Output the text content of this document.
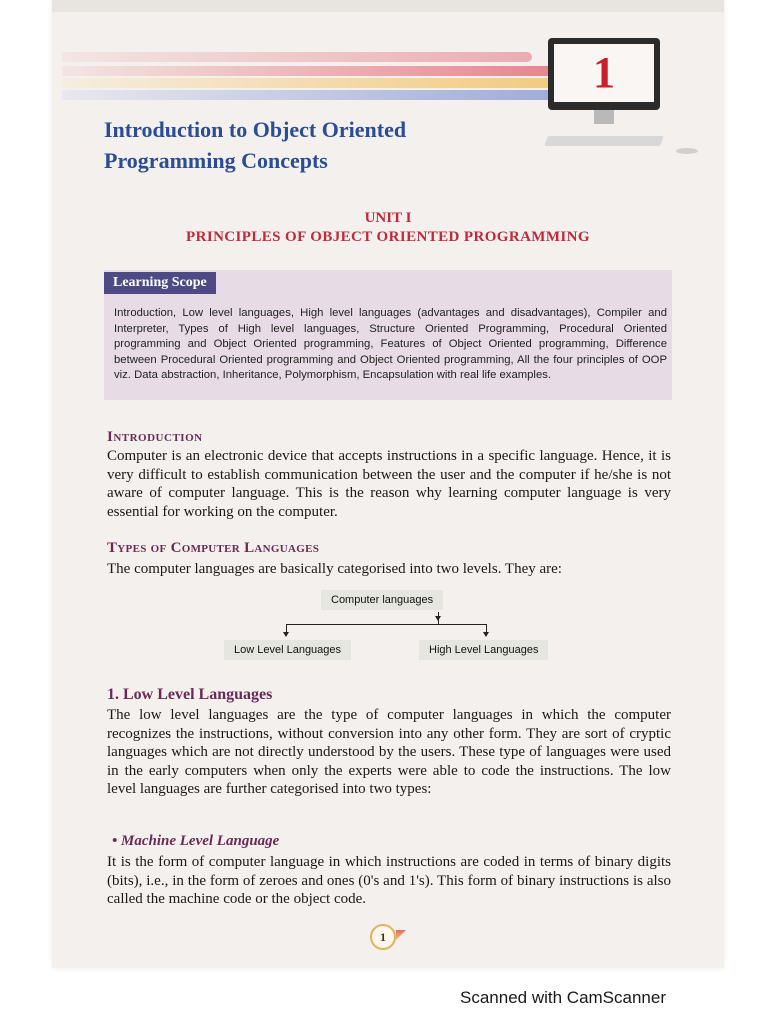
1
Introduction to Object Oriented Programming Concepts
UNIT I
PRINCIPLES OF OBJECT ORIENTED PROGRAMMING
Learning Scope
Introduction, Low level languages, High level languages (advantages and disadvantages), Compiler and Interpreter, Types of High level languages, Structure Oriented Programming, Procedural Oriented programming and Object Oriented programming, Features of Object Oriented programming, Difference between Procedural Oriented programming and Object Oriented programming, All the four principles of OOP viz. Data abstraction, Inheritance, Polymorphism, Encapsulation with real life examples.
Introduction
Computer is an electronic device that accepts instructions in a specific language. Hence, it is very difficult to establish communication between the user and the computer if he/she is not aware of computer language. This is the reason why learning computer language is very essential for working on the computer.
Types of Computer Languages
The computer languages are basically categorised into two levels. They are:
Computer languages
Low Level Languages	High Level Languages
1. Low Level Languages
The low level languages are the type of computer languages in which the computer recognizes the instructions, without conversion into any other form. They are sort of cryptic languages which are not directly understood by the users. These type of languages were used in the early computers when only the experts were able to code the instructions. The low level languages are further categorised into two types:
• Machine Level Language
It is the form of computer language in which instructions are coded in terms of binary digits (bits), i.e., in the form of zeroes and ones (0's and 1's). This form of binary instructions is also called the machine code or the object code.
1
Scanned with CamScanner
